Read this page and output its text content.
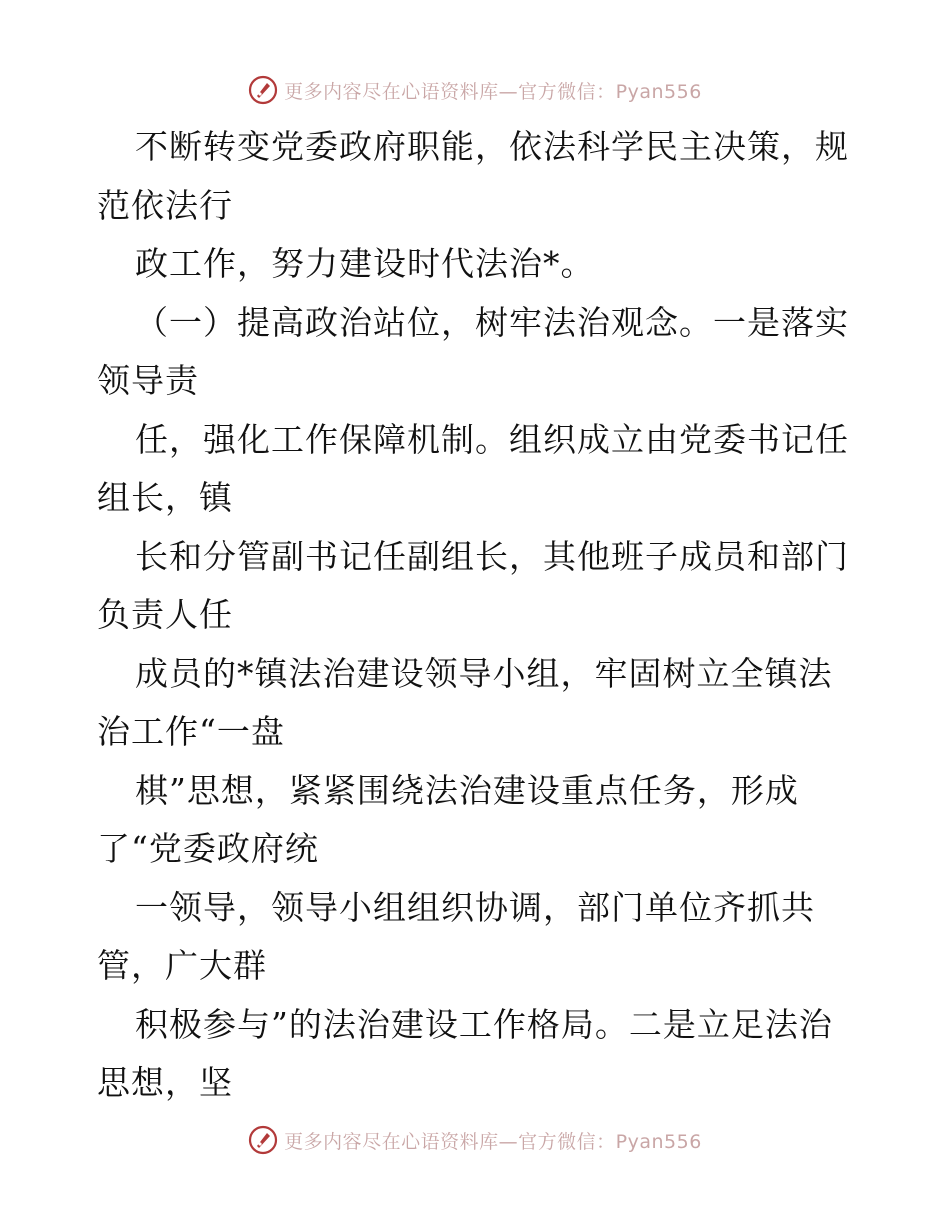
更多内容尽在心语资料库—官方微信：Pyan556
不断转变党委政府职能，依法科学民主决策，规
范依法行
政工作，努力建设时代法治*。
（一）提高政治站位，树牢法治观念。一是落实
领导责
任，强化工作保障机制。组织成立由党委书记任
组长，镇
长和分管副书记任副组长，其他班子成员和部门
负责人任
成员的*镇法治建设领导小组，牢固树立全镇法
治工作“一盘
棋”思想，紧紧围绕法治建设重点任务，形成
了“党委政府统
一领导，领导小组组织协调，部门单位齐抓共
管，广大群
积极参与”的法治建设工作格局。二是立足法治
思想，坚
更多内容尽在心语资料库—官方微信：Pyan556
